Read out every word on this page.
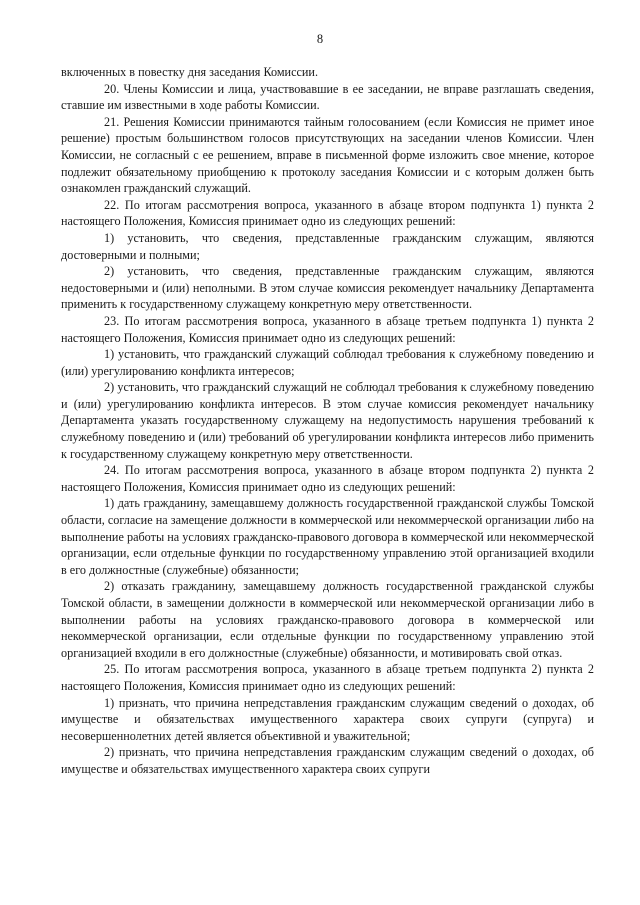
8

включенных в повестку дня заседания Комиссии.

20. Члены Комиссии и лица, участвовавшие в ее заседании, не вправе разглашать сведения, ставшие им известными в ходе работы Комиссии.

21. Решения Комиссии принимаются тайным голосованием (если Комиссия не примет иное решение) простым большинством голосов присутствующих на заседании членов Комиссии. Член Комиссии, не согласный с ее решением, вправе в письменной форме изложить свое мнение, которое подлежит обязательному приобщению к протоколу заседания Комиссии и с которым должен быть ознакомлен гражданский служащий.

22. По итогам рассмотрения вопроса, указанного в абзаце втором подпункта 1) пункта 2 настоящего Положения, Комиссия принимает одно из следующих решений:

1) установить, что сведения, представленные гражданским служащим, являются достоверными и полными;

2) установить, что сведения, представленные гражданским служащим, являются недостоверными и (или) неполными. В этом случае комиссия рекомендует начальнику Департамента применить к государственному служащему конкретную меру ответственности.

23. По итогам рассмотрения вопроса, указанного в абзаце третьем подпункта 1) пункта 2 настоящего Положения, Комиссия принимает одно из следующих решений:

1) установить, что гражданский служащий соблюдал требования к служебному поведению и (или) урегулированию конфликта интересов;

2) установить, что гражданский служащий не соблюдал требования к служебному поведению и (или) урегулированию конфликта интересов. В этом случае комиссия рекомендует начальнику Департамента указать государственному служащему на недопустимость нарушения требований к служебному поведению и (или) требований об урегулировании конфликта интересов либо применить к государственному служащему конкретную меру ответственности.

24. По итогам рассмотрения вопроса, указанного в абзаце втором подпункта 2) пункта 2 настоящего Положения, Комиссия принимает одно из следующих решений:

1) дать гражданину, замещавшему должность государственной гражданской службы Томской области, согласие на замещение должности в коммерческой или некоммерческой организации либо на выполнение работы на условиях гражданско-правового договора в коммерческой или некоммерческой организации, если отдельные функции по государственному управлению этой организацией входили в его должностные (служебные) обязанности;

2) отказать гражданину, замещавшему должность государственной гражданской службы Томской области, в замещении должности в коммерческой или некоммерческой организации либо в выполнении работы на условиях гражданско-правового договора в коммерческой или некоммерческой организации, если отдельные функции по государственному управлению этой организацией входили в его должностные (служебные) обязанности, и мотивировать свой отказ.

25. По итогам рассмотрения вопроса, указанного в абзаце третьем подпункта 2) пункта 2 настоящего Положения, Комиссия принимает одно из следующих решений:

1) признать, что причина непредставления гражданским служащим сведений о доходах, об имуществе и обязательствах имущественного характера своих супруги (супруга) и несовершеннолетних детей является объективной и уважительной;

2) признать, что причина непредставления гражданским служащим сведений о доходах, об имуществе и обязательствах имущественного характера своих супруги
